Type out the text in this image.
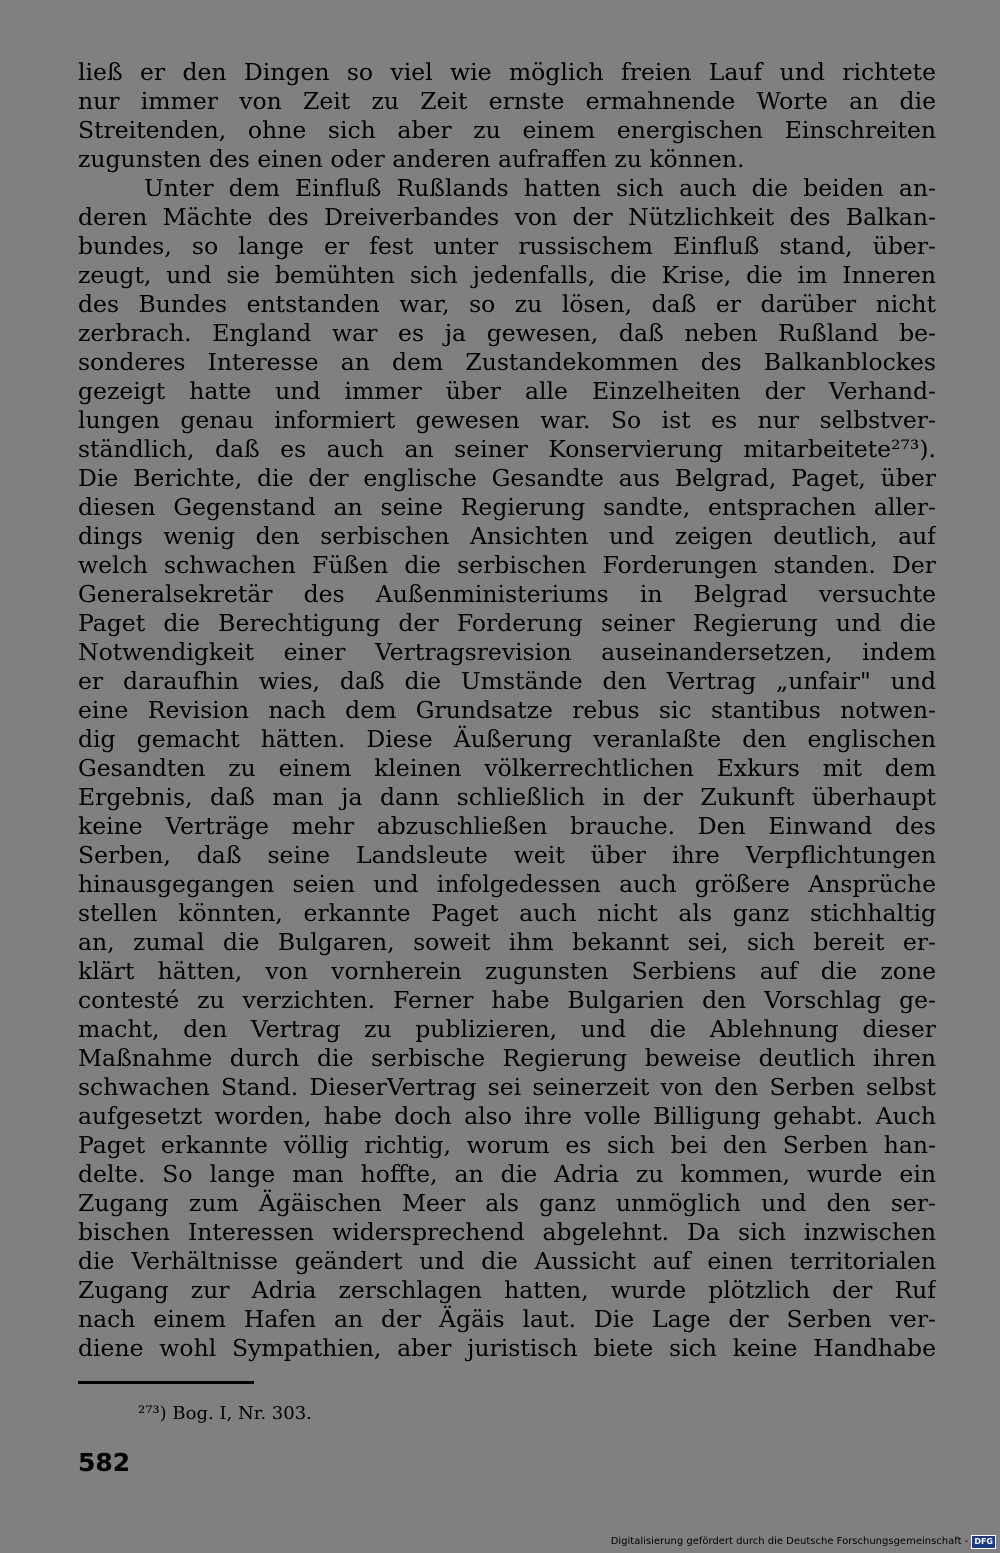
ließ er den Dingen so viel wie möglich freien Lauf und richtete
nur immer von Zeit zu Zeit ernste ermahnende Worte an die
Streitenden, ohne sich aber zu einem energischen Einschreiten
zugunsten des einen oder anderen aufraffen zu können.
Unter dem Einfluß Rußlands hatten sich auch die beiden an-
deren Mächte des Dreiverbandes von der Nützlichkeit des Balkan-
bundes, so lange er fest unter russischem Einfluß stand, über-
zeugt, und sie bemühten sich jedenfalls, die Krise, die im Inneren
des Bundes entstanden war, so zu lösen, daß er darüber nicht
zerbrach. England war es ja gewesen, daß neben Rußland be-
sonderes Interesse an dem Zustandekommen des Balkanblockes
gezeigt hatte und immer über alle Einzelheiten der Verhand-
lungen genau informiert gewesen war. So ist es nur selbstver-
ständlich, daß es auch an seiner Konservierung mitarbeitete²⁷³).
Die Berichte, die der englische Gesandte aus Belgrad, Paget, über
diesen Gegenstand an seine Regierung sandte, entsprachen aller-
dings wenig den serbischen Ansichten und zeigen deutlich, auf
welch schwachen Füßen die serbischen Forderungen standen. Der
Generalsekretär des Außenministeriums in Belgrad versuchte
Paget die Berechtigung der Forderung seiner Regierung und die
Notwendigkeit einer Vertragsrevision auseinandersetzen, indem
er daraufhin wies, daß die Umstände den Vertrag „unfair" und
eine Revision nach dem Grundsatze rebus sic stantibus notwen-
dig gemacht hätten. Diese Äußerung veranlaßte den englischen
Gesandten zu einem kleinen völkerrechtlichen Exkurs mit dem
Ergebnis, daß man ja dann schließlich in der Zukunft überhaupt
keine Verträge mehr abzuschließen brauche. Den Einwand des
Serben, daß seine Landsleute weit über ihre Verpflichtungen
hinausgegangen seien und infolgedessen auch größere Ansprüche
stellen könnten, erkannte Paget auch nicht als ganz stichhaltig
an, zumal die Bulgaren, soweit ihm bekannt sei, sich bereit er-
klärt hätten, von vornherein zugunsten Serbiens auf die zone
contesté zu verzichten. Ferner habe Bulgarien den Vorschlag ge-
macht, den Vertrag zu publizieren, und die Ablehnung dieser
Maßnahme durch die serbische Regierung beweise deutlich ihren
schwachen Stand. DieserVertrag sei seinerzeit von den Serben selbst
aufgesetzt worden, habe doch also ihre volle Billigung gehabt. Auch
Paget erkannte völlig richtig, worum es sich bei den Serben han-
delte. So lange man hoffte, an die Adria zu kommen, wurde ein
Zugang zum Ägäischen Meer als ganz unmöglich und den ser-
bischen Interessen widersprechend abgelehnt. Da sich inzwischen
die Verhältnisse geändert und die Aussicht auf einen territorialen
Zugang zur Adria zerschlagen hatten, wurde plötzlich der Ruf
nach einem Hafen an der Ägäis laut. Die Lage der Serben ver-
diene wohl Sympathien, aber juristisch biete sich keine Handhabe
²⁷³) Bog. I, Nr. 303.
582
Digitalisierung gefördert durch die Deutsche Forschungsgemeinschaft - DFG
